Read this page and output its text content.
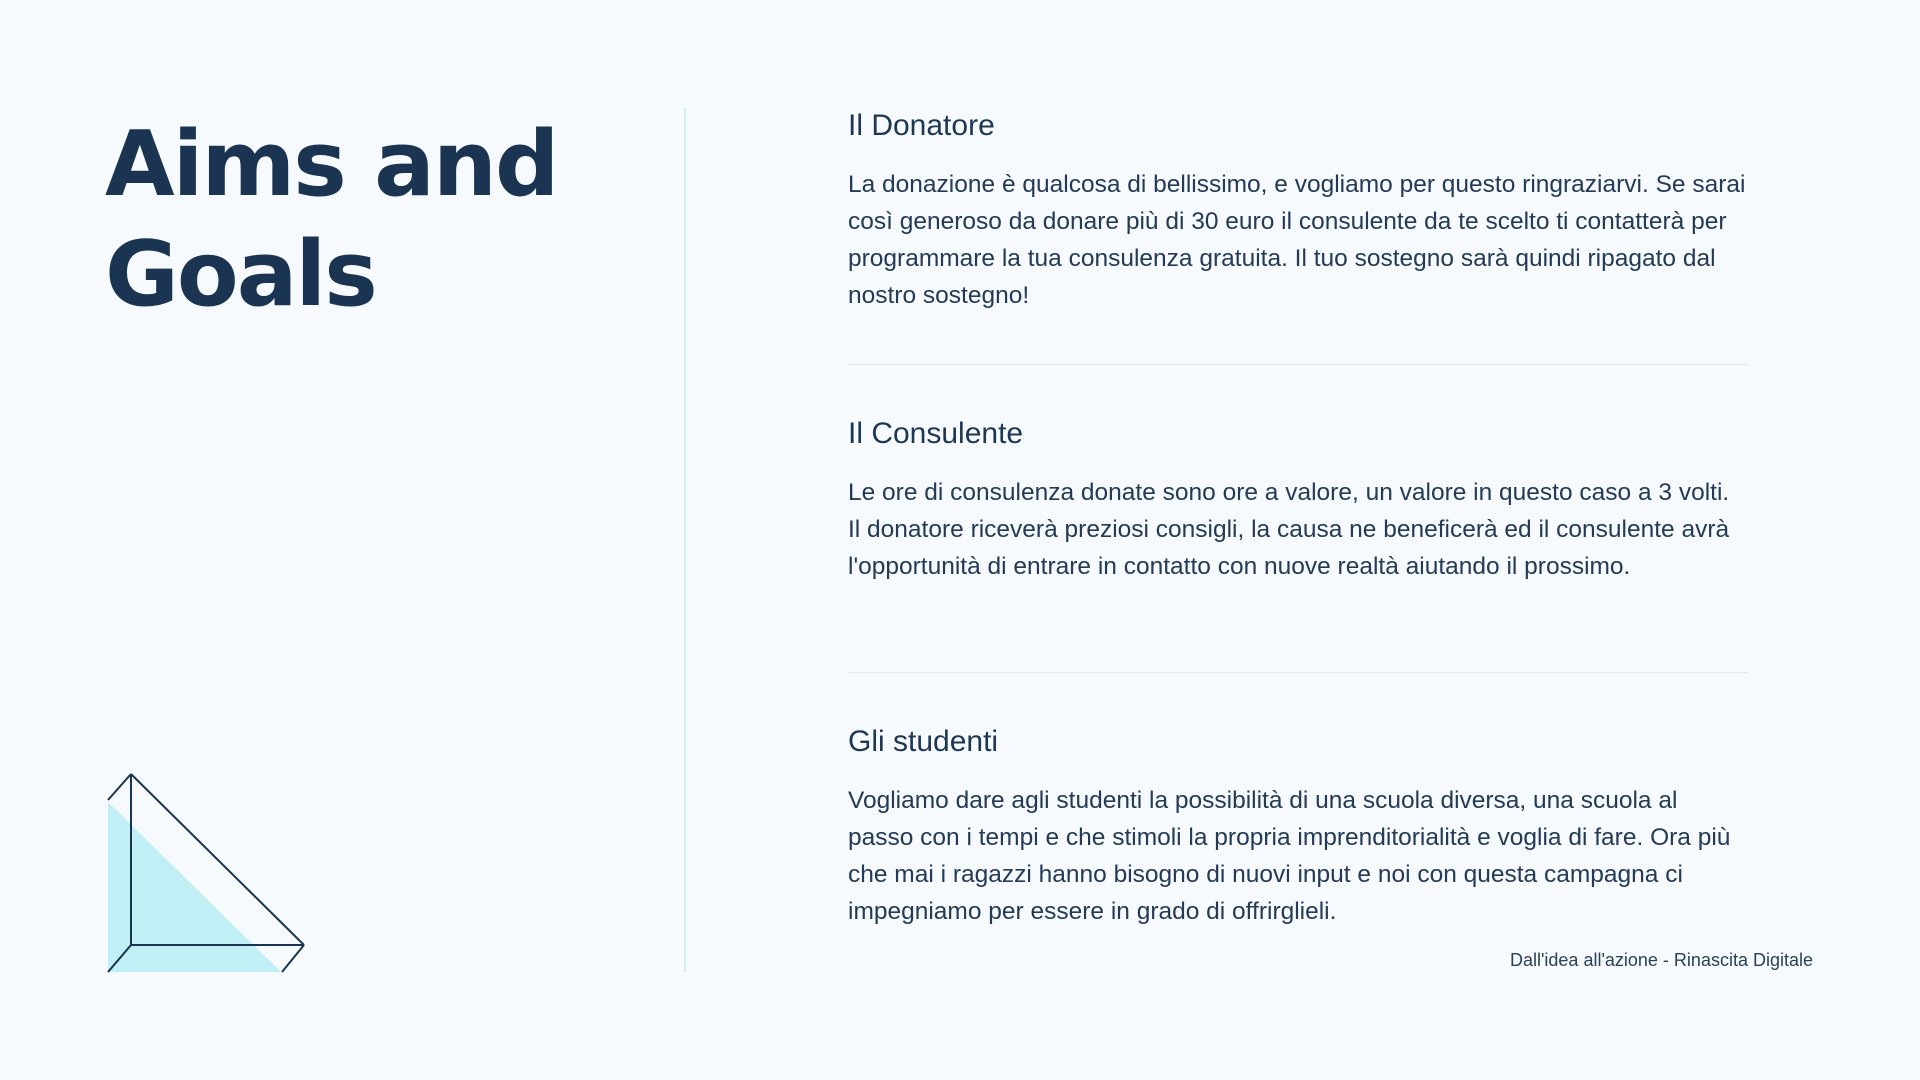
Aims and
Goals
Il Donatore

La donazione è qualcosa di bellissimo, e vogliamo per questo ringraziarvi. Se sarai così generoso da donare più di 30 euro il consulente da te scelto ti contatterà per programmare la tua consulenza gratuita. Il tuo sostegno sarà quindi ripagato dal nostro sostegno!

Il Consulente

Le ore di consulenza donate sono ore a valore, un valore in questo caso a 3 volti. Il donatore riceverà preziosi consigli, la causa ne beneficerà ed il consulente avrà l'opportunità di entrare in contatto con nuove realtà aiutando il prossimo.

Gli studenti

Vogliamo dare agli studenti la possibilità di una scuola diversa, una scuola al passo con i tempi e che stimoli la propria imprenditorialità e voglia di fare. Ora più che mai i ragazzi hanno bisogno di nuovi input e noi con questa campagna ci impegniamo per essere in grado di offrirglieli.

Dall'idea all'azione - Rinascita Digitale
